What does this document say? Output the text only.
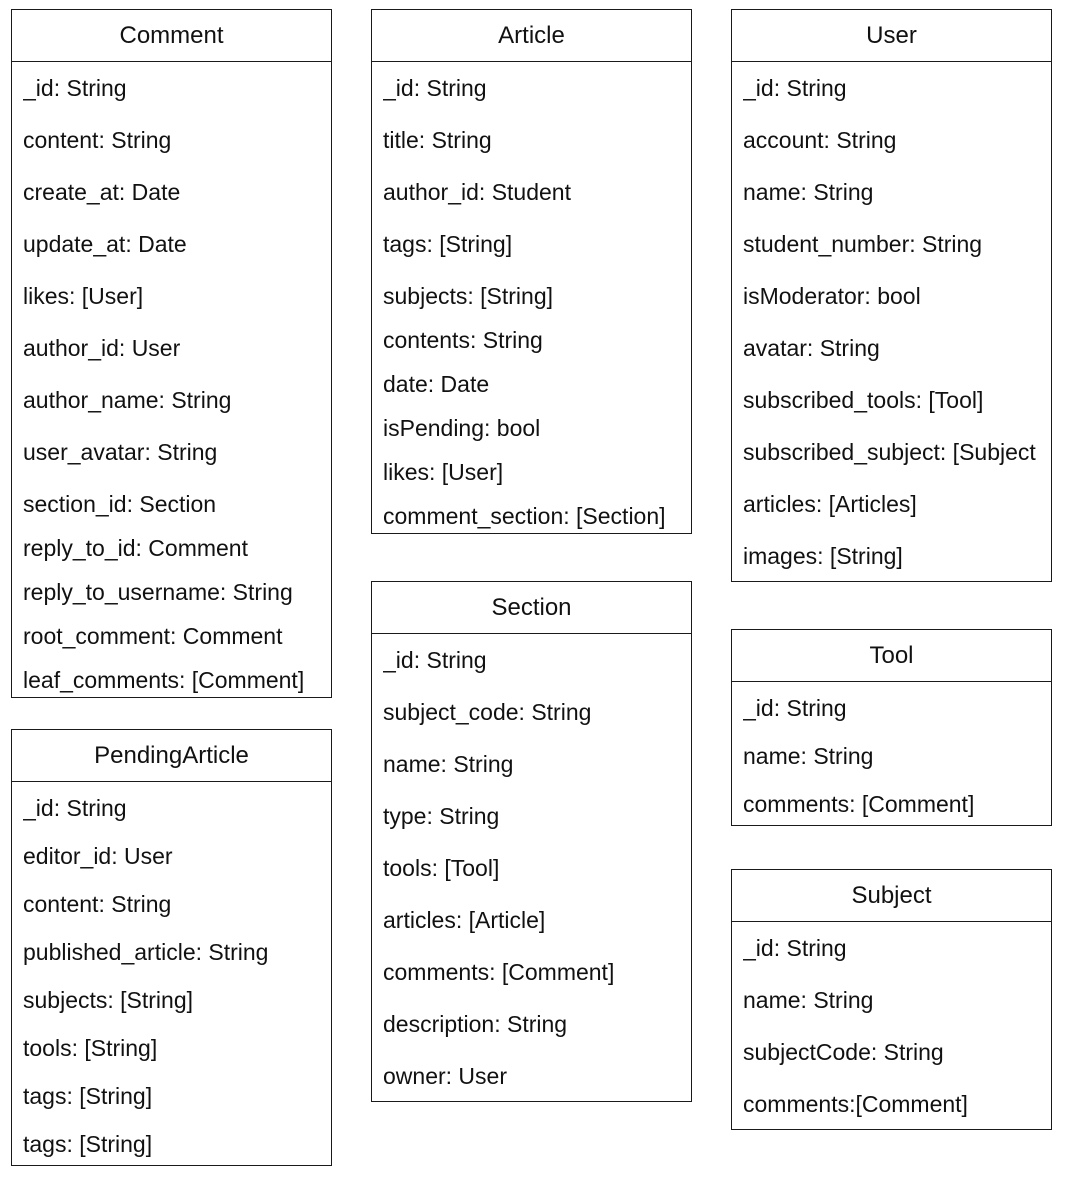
Comment
_id: String
content: String
create_at: Date
update_at: Date
likes: [User]
author_id: User
author_name: String
user_avatar: String
section_id: Section
reply_to_id: Comment
reply_to_username: String
root_comment: Comment
leaf_comments: [Comment]
PendingArticle
_id: String
editor_id: User
content: String
published_article: String
subjects: [String]
tools: [String]
tags: [String]
tags: [String]
Article
_id: String
title: String
author_id: Student
tags: [String]
subjects: [String]
contents: String
date: Date
isPending: bool
likes: [User]
comment_section: [Section]
Section
_id: String
subject_code: String
name: String
type: String
tools: [Tool]
articles: [Article]
comments: [Comment]
description: String
owner: User
User
_id: String
account: String
name: String
student_number: String
isModerator: bool
avatar: String
subscribed_tools: [Tool]
subscribed_subject: [Subject
articles: [Articles]
images: [String]
Tool
_id: String
name: String
comments: [Comment]
Subject
_id: String
name: String
subjectCode: String
comments:[Comment]
